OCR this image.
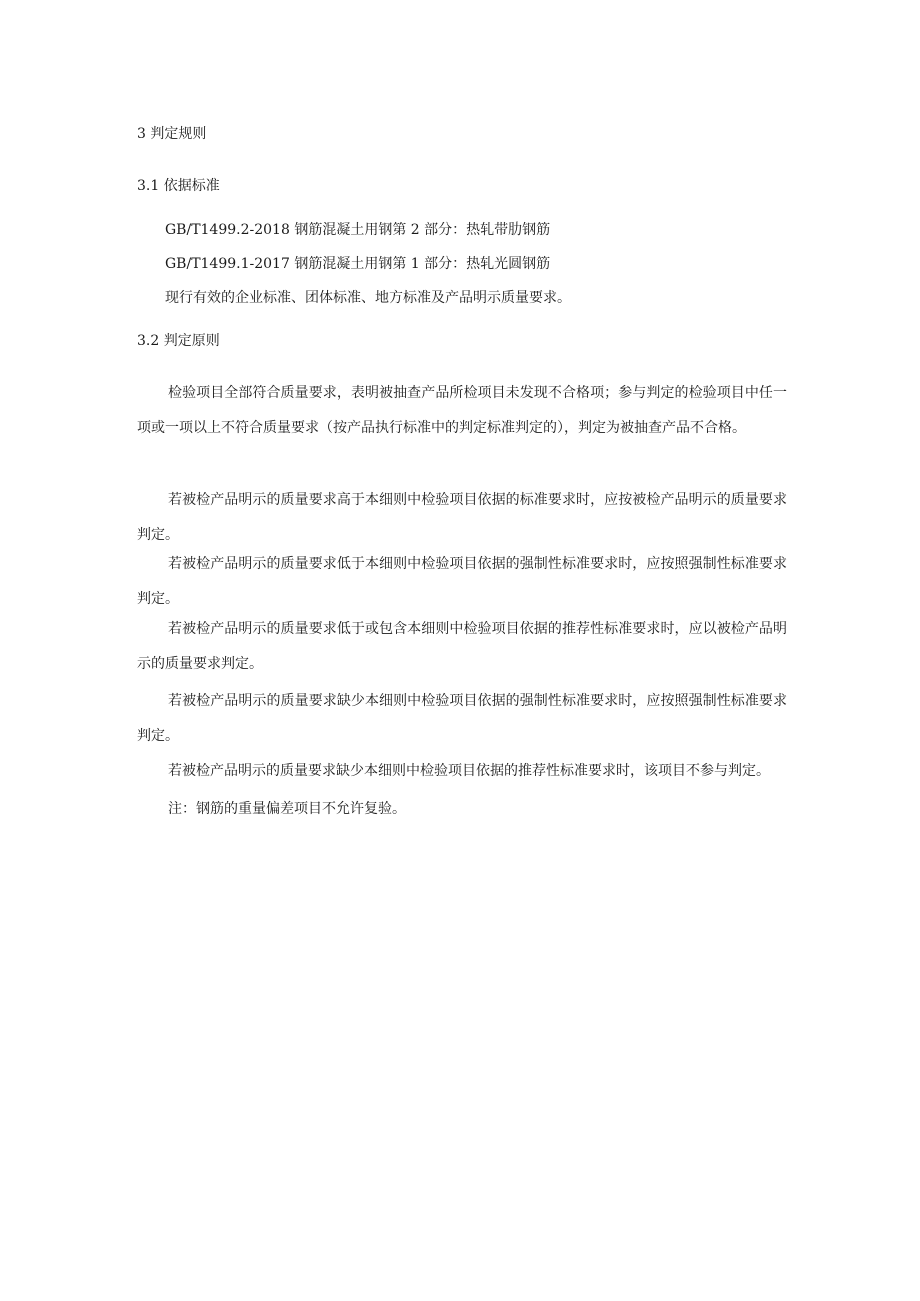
3 判定规则
3.1 依据标准
GB/T1499.2-2018 钢筋混凝土用钢第 2 部分：热轧带肋钢筋
GB/T1499.1-2017 钢筋混凝土用钢第 1 部分：热轧光圆钢筋
现行有效的企业标准、团体标准、地方标准及产品明示质量要求。
3.2 判定原则
检验项目全部符合质量要求，表明被抽查产品所检项目未发现不合格项；参与判定的检验项目中任一项或一项以上不符合质量要求（按产品执行标准中的判定标准判定的），判定为被抽查产品不合格。
若被检产品明示的质量要求高于本细则中检验项目依据的标准要求时，应按被检产品明示的质量要求判定。
若被检产品明示的质量要求低于本细则中检验项目依据的强制性标准要求时，应按照强制性标准要求判定。
若被检产品明示的质量要求低于或包含本细则中检验项目依据的推荐性标准要求时，应以被检产品明示的质量要求判定。
若被检产品明示的质量要求缺少本细则中检验项目依据的强制性标准要求时，应按照强制性标准要求判定。
若被检产品明示的质量要求缺少本细则中检验项目依据的推荐性标准要求时，该项目不参与判定。
注：钢筋的重量偏差项目不允许复验。
